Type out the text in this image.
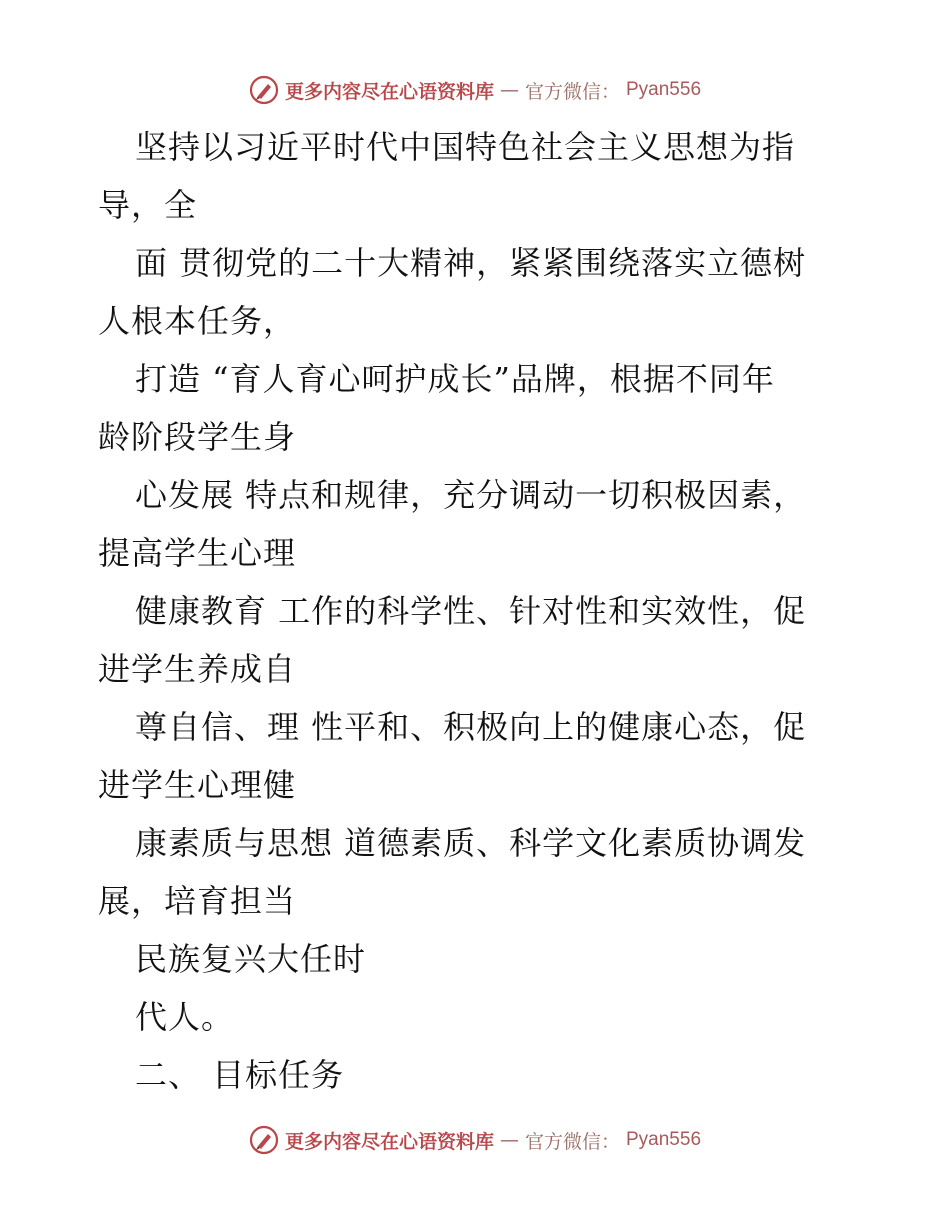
更多内容尽在心语资料库 — 官方微信： Pyan556
坚持以习近平时代中国特色社会主义思想为指
导，全
面 贯彻党的二十大精神，紧紧围绕落实立德树
人根本任务，
打造 “育人育心呵护成长”品牌，根据不同年
龄阶段学生身
心发展 特点和规律，充分调动一切积极因素，
提高学生心理
健康教育 工作的科学性、针对性和实效性，促
进学生养成自
尊自信、理 性平和、积极向上的健康心态，促
进学生心理健
康素质与思想 道德素质、科学文化素质协调发
展，培育担当
民族复兴大任时
代人。
二、 目标任务
更多内容尽在心语资料库 — 官方微信： Pyan556
